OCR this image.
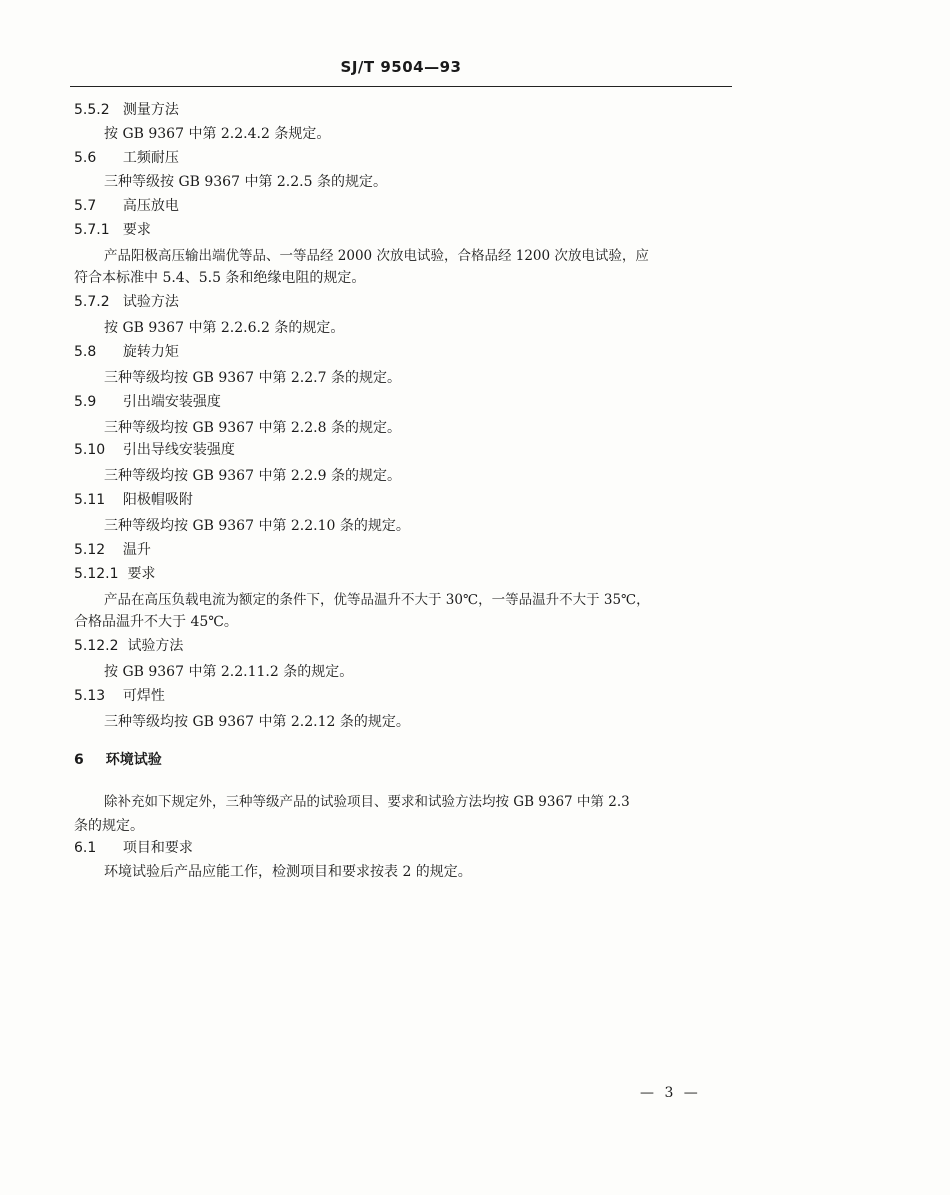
SJ/T 9504—93
5.5.2 测量方法
按 GB 9367 中第 2.2.4.2 条规定。
5.6 工频耐压
三种等级按 GB 9367 中第 2.2.5 条的规定。
5.7 高压放电
5.7.1 要求
产品阳极高压输出端优等品、一等品经 2000 次放电试验，合格品经 1200 次放电试验，应
符合本标准中 5.4、5.5 条和绝缘电阻的规定。
5.7.2 试验方法
按 GB 9367 中第 2.2.6.2 条的规定。
5.8 旋转力矩
三种等级均按 GB 9367 中第 2.2.7 条的规定。
5.9 引出端安装强度
三种等级均按 GB 9367 中第 2.2.8 条的规定。
5.10 引出导线安装强度
三种等级均按 GB 9367 中第 2.2.9 条的规定。
5.11 阳极帽吸附
三种等级均按 GB 9367 中第 2.2.10 条的规定。
5.12 温升
5.12.1 要求
产品在高压负载电流为额定的条件下，优等品温升不大于 30℃，一等品温升不大于 35℃，
合格品温升不大于 45℃。
5.12.2 试验方法
按 GB 9367 中第 2.2.11.2 条的规定。
5.13 可焊性
三种等级均按 GB 9367 中第 2.2.12 条的规定。
6 环境试验
除补充如下规定外，三种等级产品的试验项目、要求和试验方法均按 GB 9367 中第 2.3
条的规定。
6.1 项目和要求
环境试验后产品应能工作，检测项目和要求按表 2 的规定。
— 3 —
